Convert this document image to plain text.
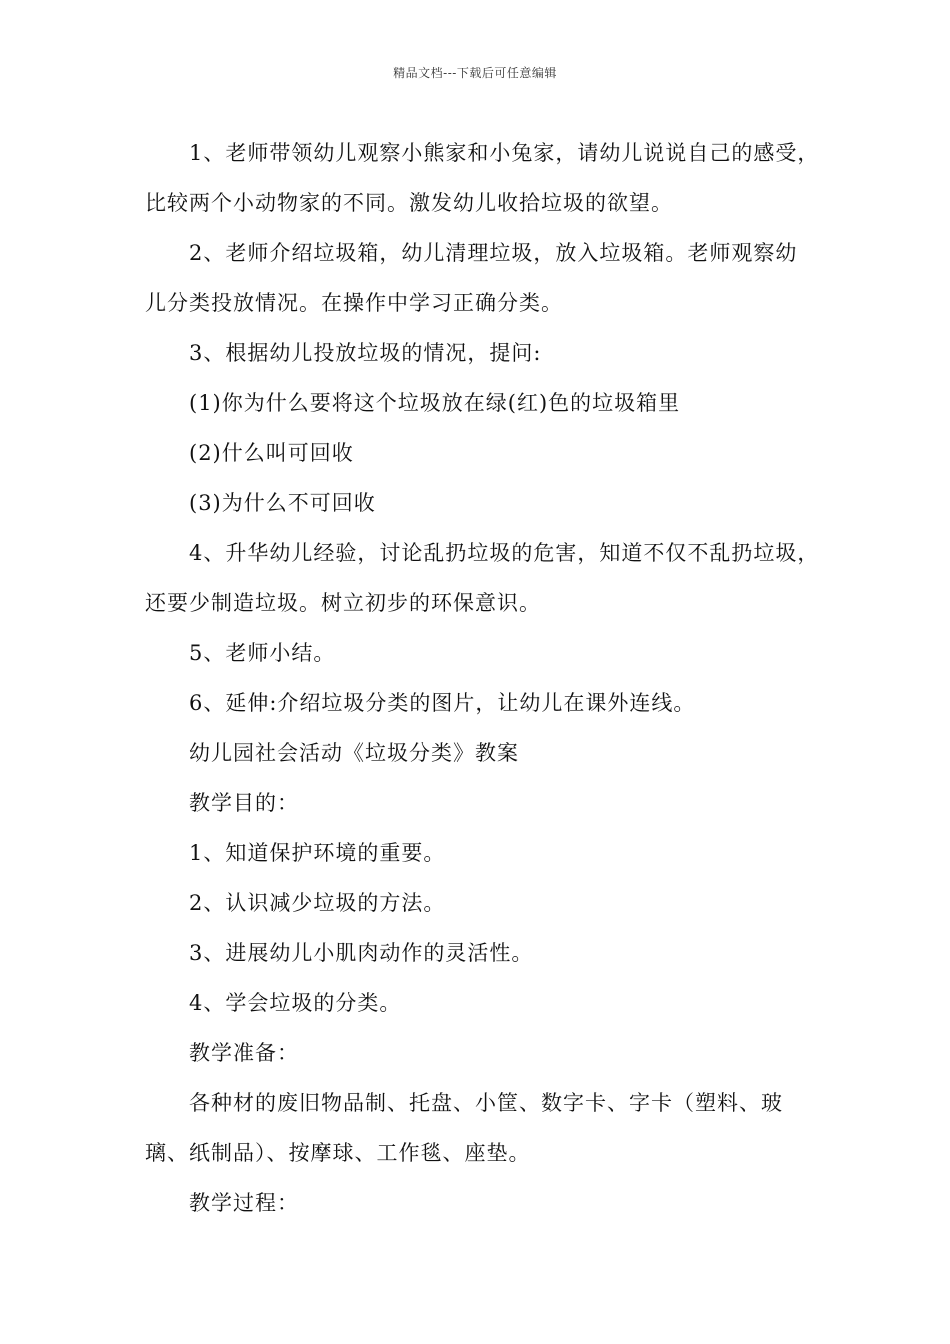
精品文档---下载后可任意编辑
1、老师带领幼儿观察小熊家和小兔家，请幼儿说说自己的感受，
比较两个小动物家的不同。激发幼儿收拾垃圾的欲望。
2、老师介绍垃圾箱，幼儿清理垃圾，放入垃圾箱。老师观察幼
儿分类投放情况。在操作中学习正确分类。
3、根据幼儿投放垃圾的情况，提问:
(1)你为什么要将这个垃圾放在绿(红)色的垃圾箱里
(2)什么叫可回收
(3)为什么不可回收
4、升华幼儿经验，讨论乱扔垃圾的危害，知道不仅不乱扔垃圾，
还要少制造垃圾。树立初步的环保意识。
5、老师小结。
6、延伸:介绍垃圾分类的图片，让幼儿在课外连线。
幼儿园社会活动《垃圾分类》教案
教学目的：
1、知道保护环境的重要。
2、认识减少垃圾的方法。
3、进展幼儿小肌肉动作的灵活性。
4、学会垃圾的分类。
教学准备：
各种材的废旧物品制、托盘、小筐、数字卡、字卡（塑料、玻
璃、纸制品）、按摩球、工作毯、座垫。
教学过程：
